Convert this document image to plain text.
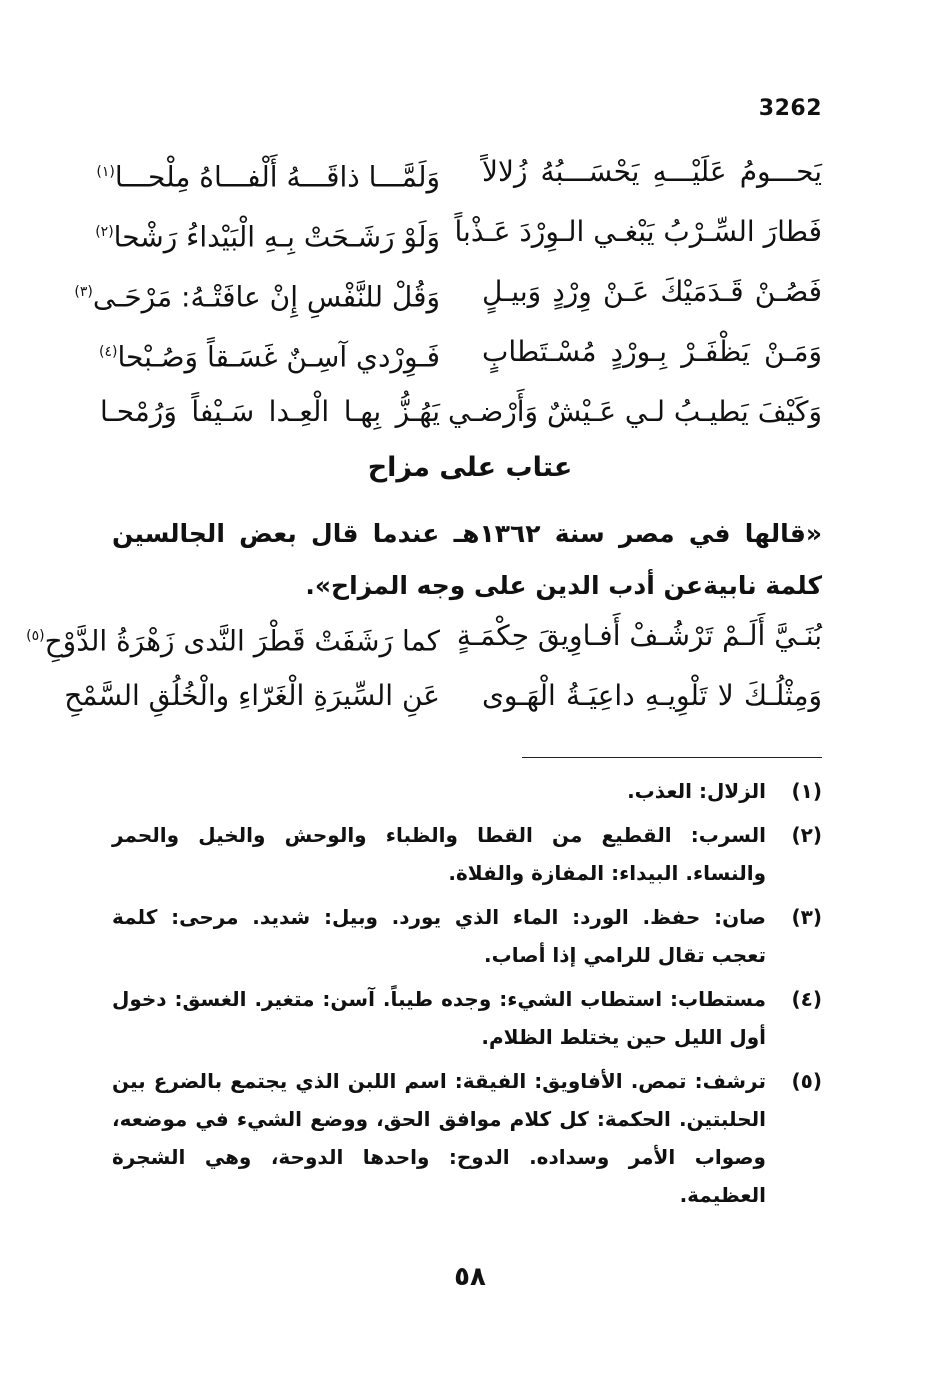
3262
يَحـــومُ عَلَيْـــهِ يَحْسَـــبُهُ زُلالاً
وَلَمَّـــا ذاقَـــهُ أَلْفـــاهُ مِلْحـــا$^{(١)}$
فَطارَ السِّـرْبُ يَبْغـي الـوِرْدَ عَـذْباً
وَلَوْ رَشَـحَتْ بِـهِ الْبَيْداءُ رَشْحا$^{(٢)}$
فَصُـنْ قَـدَمَيْكَ عَـنْ وِرْدٍ وَبيـلٍ
وَقُلْ للنَّفْسِ إِنْ عافَتْـهُ: مَرْحَـى$^{(٣)}$
وَمَـنْ يَظْفَـرْ بِـورْدٍ مُسْـتَطابٍ
فَـوِرْدي آسِـنٌ غَسَـقاً وَصُـبْحا$^{(٤)}$
وَكَيْفَ يَطيـبُ لـي عَـيْشٌ وَأَرْضـي
يَهُـزُّ بِهـا الْعِـدا سَـيْفاً وَرُمْحـا
عتاب على مزاح
«قالها في مصر سنة ١٣٦٢هـ عندما قال بعض الجالسين كلمة نابيةعن أدب الدين على وجه المزاح».
بُنَـيَّ أَلَـمْ تَرْشُـفْ أَفـاوِيقَ حِكْمَـةٍ
كما رَشَفَتْ قَطْرَ النَّدى زَهْرَةُ الدَّوْحِ$^{(٥)}$
وَمِثْلُـكَ لا تَلْوِيـهِ داعِيَـةُ الْهَـوى
عَنِ السِّيرَةِ الْغَرّاءِ والْخُلُقِ السَّمْحِ
(١)
الزلال: العذب.
(٢)
السرب: القطيع من القطا والظباء والوحش والخيل والحمر والنساء. البيداء: المفازة والفلاة.
(٣)
صان: حفظ. الورد: الماء الذي يورد. وبيل: شديد. مرحى: كلمة تعجب تقال للرامي إذا أصاب.
(٤)
مستطاب: استطاب الشيء: وجده طيباً. آسن: متغير. الغسق: دخول أول الليل حين يختلط الظلام.
(٥)
ترشف: تمص. الأفاويق: الفيقة: اسم اللبن الذي يجتمع بالضرع بين الحلبتين. الحكمة: كل كلام موافق الحق، ووضع الشيء في موضعه، وصواب الأمر وسداده. الدوح: واحدها الدوحة، وهي الشجرة العظيمة.
٥٨
